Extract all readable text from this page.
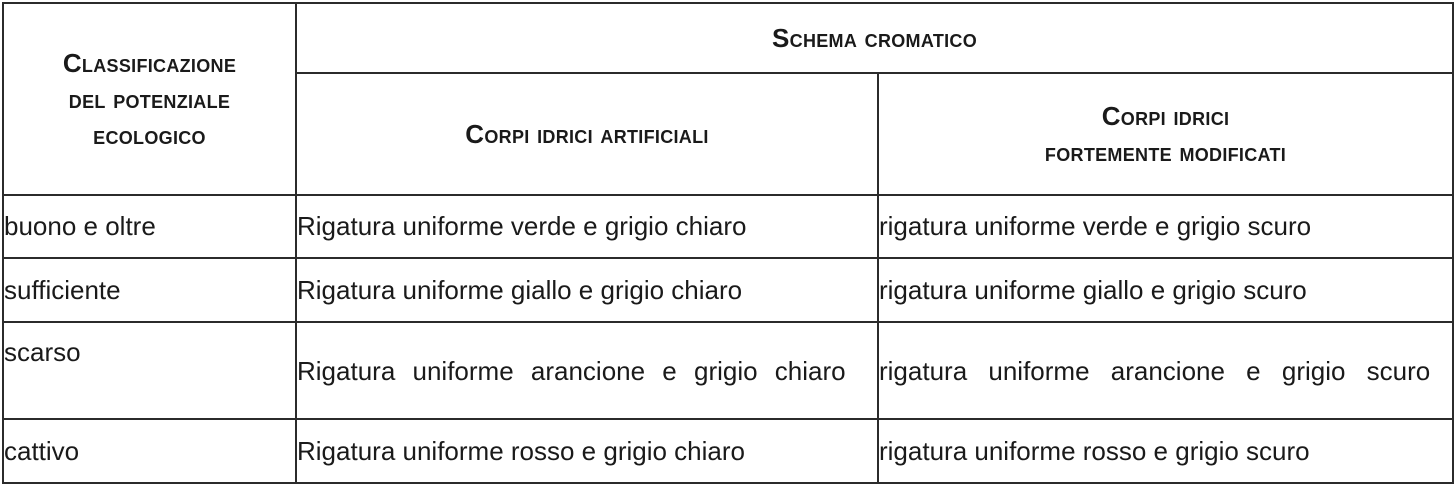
Classificazione
del potenziale
ecologico	Schema cromatico	
	Corpi idrici artificiali	Corpi idrici
fortemente modificati

buono e oltre	Rigatura uniforme verde e grigio chiaro	rigatura uniforme verde e grigio scuro
sufficiente	Rigatura uniforme giallo e grigio chiaro	rigatura uniforme giallo e grigio scuro
scarso	Rigatura uniforme arancione e grigio chiaro	rigatura uniforme arancione e grigio scuro
cattivo	Rigatura uniforme rosso e grigio chiaro	rigatura uniforme rosso e grigio scuro
